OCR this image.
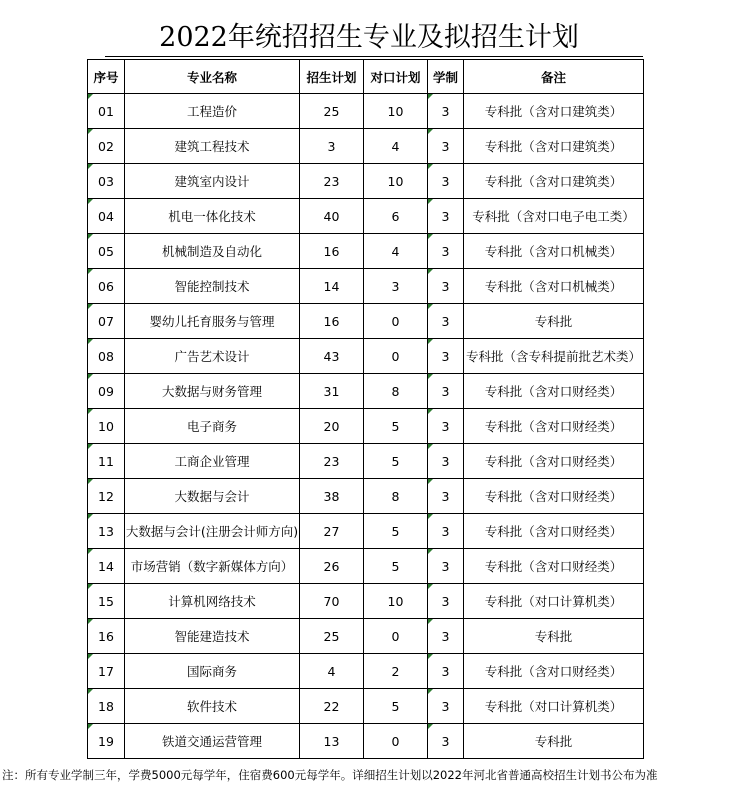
2022年统招招生专业及拟招生计划
序号	专业名称	招生计划	对口计划	学制	备注
01	工程造价	25	10	3	专科批（含对口建筑类）
02	建筑工程技术	3	4	3	专科批（含对口建筑类）
03	建筑室内设计	23	10	3	专科批（含对口建筑类）
04	机电一体化技术	40	6	3	专科批（含对口电子电工类）
05	机械制造及自动化	16	4	3	专科批（含对口机械类）
06	智能控制技术	14	3	3	专科批（含对口机械类）
07	婴幼儿托育服务与管理	16	0	3	专科批
08	广告艺术设计	43	0	3	专科批（含专科提前批艺术类）
09	大数据与财务管理	31	8	3	专科批（含对口财经类）
10	电子商务	20	5	3	专科批（含对口财经类）
11	工商企业管理	23	5	3	专科批（含对口财经类）
12	大数据与会计	38	8	3	专科批（含对口财经类）
13	大数据与会计(注册会计师方向)	27	5	3	专科批（含对口财经类）
14	市场营销（数字新媒体方向）	26	5	3	专科批（含对口财经类）
15	计算机网络技术	70	10	3	专科批（对口计算机类）
16	智能建造技术	25	0	3	专科批
17	国际商务	4	2	3	专科批（含对口财经类）
18	软件技术	22	5	3	专科批（对口计算机类）
19	铁道交通运营管理	13	0	3	专科批
注：所有专业学制三年，学费5000元每学年，住宿费600元每学年。详细招生计划以2022年河北省普通高校招生计划书公布为准
